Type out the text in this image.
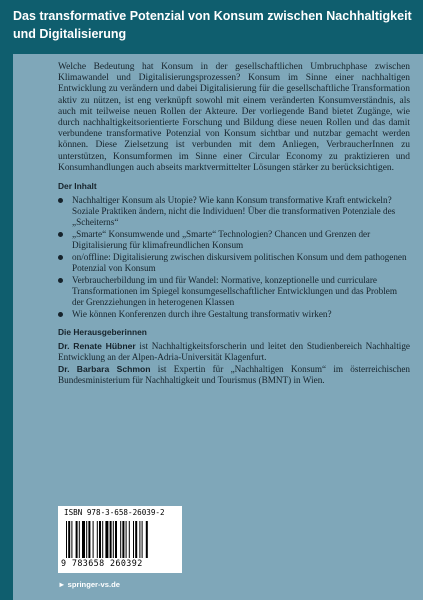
Das transformative Potenzial von Konsum zwischen Nachhaltigkeit und Digitalisierung

Welche Bedeutung hat Konsum in der gesellschaftlichen Umbruchphase zwischen Klimawandel und Digitalisierungsprozessen? Konsum im Sinne einer nachhaltigen Entwicklung zu verändern und dabei Digitalisierung für die gesellschaftliche Transformation aktiv zu nützen, ist eng verknüpft sowohl mit einem veränderten Konsumverständnis, als auch mit teilweise neuen Rollen der Akteure. Der vorliegende Band bietet Zugänge, wie durch nachhaltigkeitsorientierte Forschung und Bildung diese neuen Rollen und das damit verbundene transformative Potenzial von Konsum sichtbar und nutzbar gemacht werden können. Diese Zielsetzung ist verbunden mit dem Anliegen, VerbraucherInnen zu unterstützen, Konsumformen im Sinne einer Circular Economy zu praktizieren und Konsumhandlungen auch abseits marktvermittelter Lösungen stärker zu berücksichtigen.

Der Inhalt
Nachhaltiger Konsum als Utopie? Wie kann Konsum transformative Kraft entwickeln? Soziale Praktiken ändern, nicht die Individuen! Über die transformativen Potenziale des „Scheiterns“
„Smarte“ Konsumwende und „Smarte“ Technologien? Chancen und Grenzen der Digitalisierung für klimafreundlichen Konsum
on/offline: Digitalisierung zwischen diskursivem politischen Konsum und dem pathogenen Potenzial von Konsum
Verbraucherbildung im und für Wandel: Normative, konzeptionelle und curriculare Transformationen im Spiegel konsumgesellschaftlicher Entwicklungen und das Problem der Grenzziehungen in heterogenen Klassen
Wie können Konferenzen durch ihre Gestaltung transformativ wirken?
Die Herausgeberinnen

Dr. Renate Hübner ist Nachhaltigkeitsforscherin und leitet den Studienbereich Nachhaltige Entwicklung an der Alpen-Adria-Universität Klagenfurt.

Dr. Barbara Schmon ist Expertin für „Nachhaltigen Konsum“ im österreichischen Bundesministerium für Nachhaltigkeit und Tourismus (BMNT) in Wien.

ISBN 978-3-658-26039-2
9 783658 260392
► springer-vs.de
